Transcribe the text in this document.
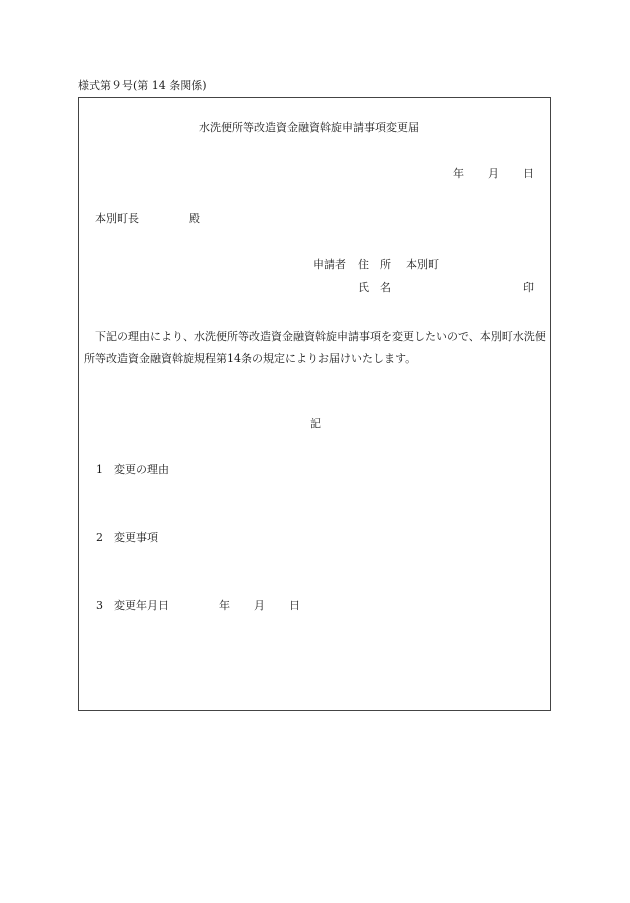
様式第９号(第 14 条関係)
水洗便所等改造資金融資斡旋申請事項変更届
年 月 日
本別町長	殿
申請者 住　所 本別町
氏　名	印
下記の理由により、水洗便所等改造資金融資斡旋申請事項を変更したいので、本別町水洗便所等改造資金融資斡旋規程第14条の規定によりお届けいたします。
記
1 変更の理由
2 変更事項
3 変更年月日	年 月 日
